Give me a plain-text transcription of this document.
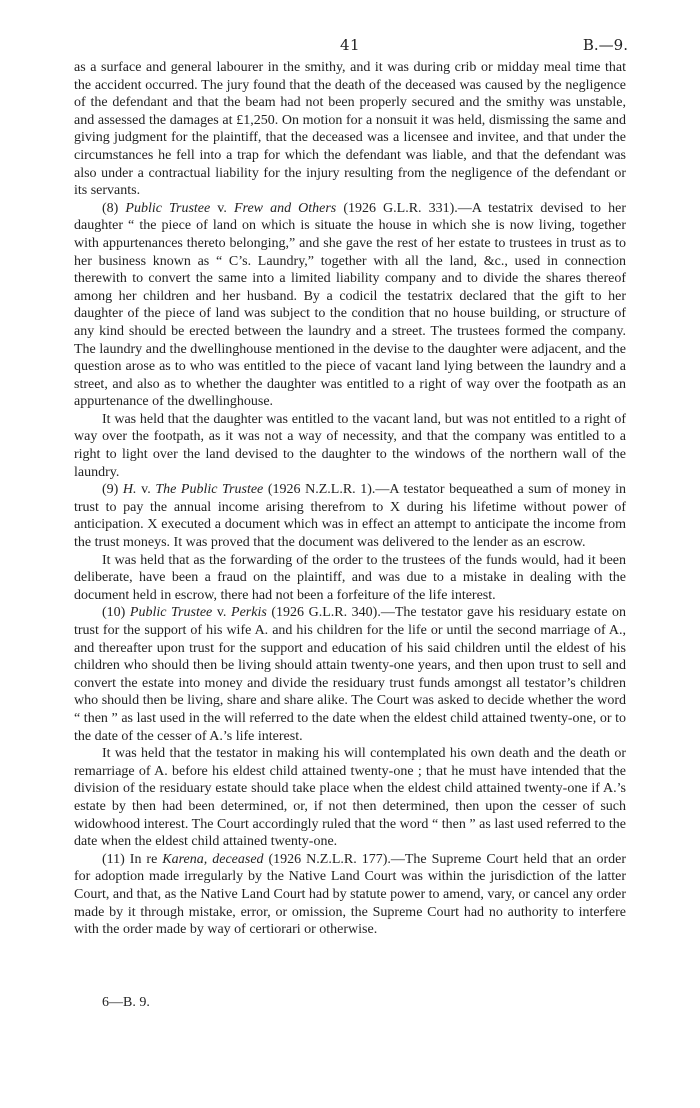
41	B.—9.

as a surface and general labourer in the smithy, and it was during crib or midday meal time that the accident occurred. The jury found that the death of the deceased was caused by the negligence of the defendant and that the beam had not been properly secured and the smithy was unstable, and assessed the damages at £1,250. On motion for a nonsuit it was held, dismissing the same and giving judgment for the plaintiff, that the deceased was a licensee and invitee, and that under the circumstances he fell into a trap for which the defendant was liable, and that the defendant was also under a contractual liability for the injury resulting from the negligence of the defendant or its servants.

(8) Public Trustee v. Frew and Others (1926 G.L.R. 331).—A testatrix devised to her daughter “ the piece of land on which is situate the house in which she is now living, together with appurtenances thereto belonging,” and she gave the rest of her estate to trustees in trust as to her business known as “ C’s. Laundry,” together with all the land, &c., used in connection therewith to convert the same into a limited liability company and to divide the shares thereof among her children and her husband. By a codicil the testatrix declared that the gift to her daughter of the piece of land was subject to the condition that no house building, or structure of any kind should be erected between the laundry and a street. The trustees formed the company. The laundry and the dwellinghouse mentioned in the devise to the daughter were adjacent, and the question arose as to who was entitled to the piece of vacant land lying between the laundry and a street, and also as to whether the daughter was entitled to a right of way over the footpath as an appurtenance of the dwellinghouse.

It was held that the daughter was entitled to the vacant land, but was not entitled to a right of way over the footpath, as it was not a way of necessity, and that the company was entitled to a right to light over the land devised to the daughter to the windows of the northern wall of the laundry.

(9) H. v. The Public Trustee (1926 N.Z.L.R. 1).—A testator bequeathed a sum of money in trust to pay the annual income arising therefrom to X during his lifetime without power of anticipation. X executed a document which was in effect an attempt to anticipate the income from the trust moneys. It was proved that the document was delivered to the lender as an escrow.

It was held that as the forwarding of the order to the trustees of the funds would, had it been deliberate, have been a fraud on the plaintiff, and was due to a mistake in dealing with the document held in escrow, there had not been a forfeiture of the life interest.

(10) Public Trustee v. Perkis (1926 G.L.R. 340).—The testator gave his residuary estate on trust for the support of his wife A. and his children for the life or until the second marriage of A., and thereafter upon trust for the support and education of his said children until the eldest of his children who should then be living should attain twenty-one years, and then upon trust to sell and convert the estate into money and divide the residuary trust funds amongst all testator’s children who should then be living, share and share alike. The Court was asked to decide whether the word “ then ” as last used in the will referred to the date when the eldest child attained twenty-one, or to the date of the cesser of A.’s life interest.

It was held that the testator in making his will contemplated his own death and the death or remarriage of A. before his eldest child attained twenty-one ; that he must have intended that the division of the residuary estate should take place when the eldest child attained twenty-one if A.’s estate by then had been determined, or, if not then determined, then upon the cesser of such widowhood interest. The Court accordingly ruled that the word “ then ” as last used referred to the date when the eldest child attained twenty-one.

(11) In re Karena, deceased (1926 N.Z.L.R. 177).—The Supreme Court held that an order for adoption made irregularly by the Native Land Court was within the jurisdiction of the latter Court, and that, as the Native Land Court had by statute power to amend, vary, or cancel any order made by it through mistake, error, or omission, the Supreme Court had no authority to interfere with the order made by way of certiorari or otherwise.

6—B. 9.
